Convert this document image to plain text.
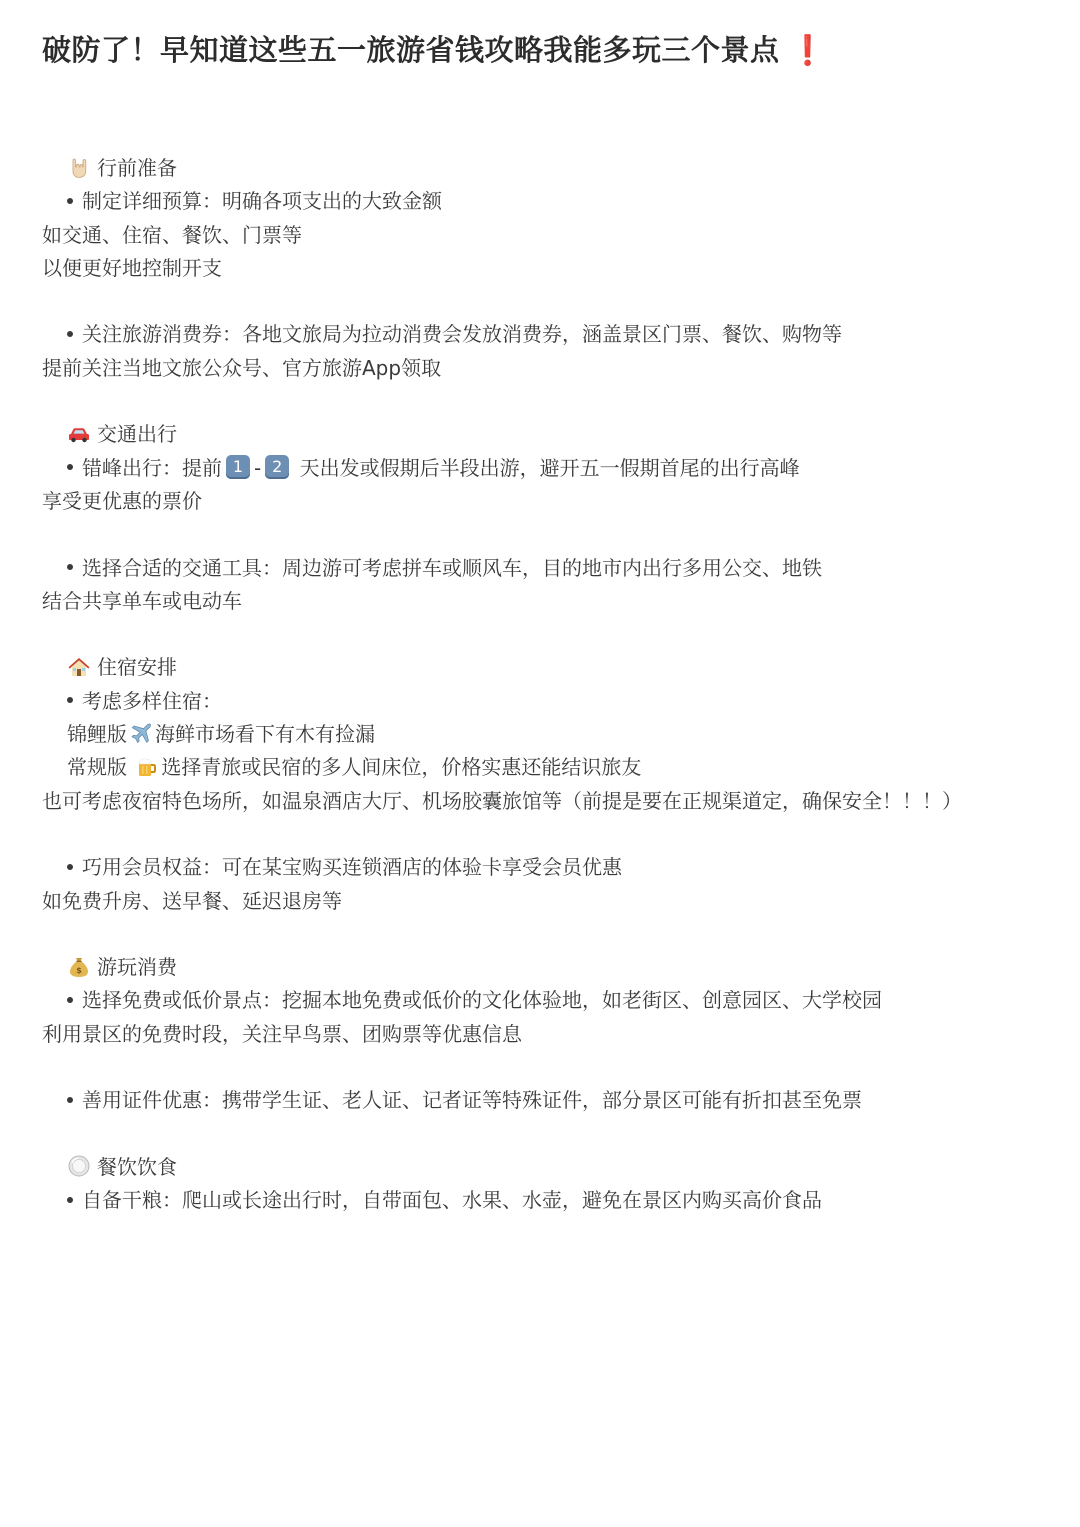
破防了！早知道这些五一旅游省钱攻略我能多玩三个景点 ❗
行前准备
制定详细预算：明确各项支出的大致金额
如交通、住宿、餐饮、门票等
以便更好地控制开支
关注旅游消费券：各地文旅局为拉动消费会发放消费券，涵盖景区门票、餐饮、购物等
提前关注当地文旅公众号、官方旅游App领取
交通出行
错峰出行：提前 1 - 2 天出发或假期后半段出游，避开五一假期首尾的出行高峰
享受更优惠的票价
选择合适的交通工具：周边游可考虑拼车或顺风车，目的地市内出行多用公交、地铁
结合共享单车或电动车
住宿安排
考虑多样住宿：
锦鲤版 海鲜市场看下有木有捡漏
常规版 选择青旅或民宿的多人间床位，价格实惠还能结识旅友
也可考虑夜宿特色场所，如温泉酒店大厅、机场胶囊旅馆等（前提是要在正规渠道定，确保安全！！！）
巧用会员权益：可在某宝购买连锁酒店的体验卡享受会员优惠
如免费升房、送早餐、延迟退房等
$ 游玩消费
选择免费或低价景点：挖掘本地免费或低价的文化体验地，如老街区、创意园区、大学校园
利用景区的免费时段，关注早鸟票、团购票等优惠信息
善用证件优惠：携带学生证、老人证、记者证等特殊证件，部分景区可能有折扣甚至免票
餐饮饮食
自备干粮：爬山或长途出行时，自带面包、水果、水壶，避免在景区内购买高价食品
